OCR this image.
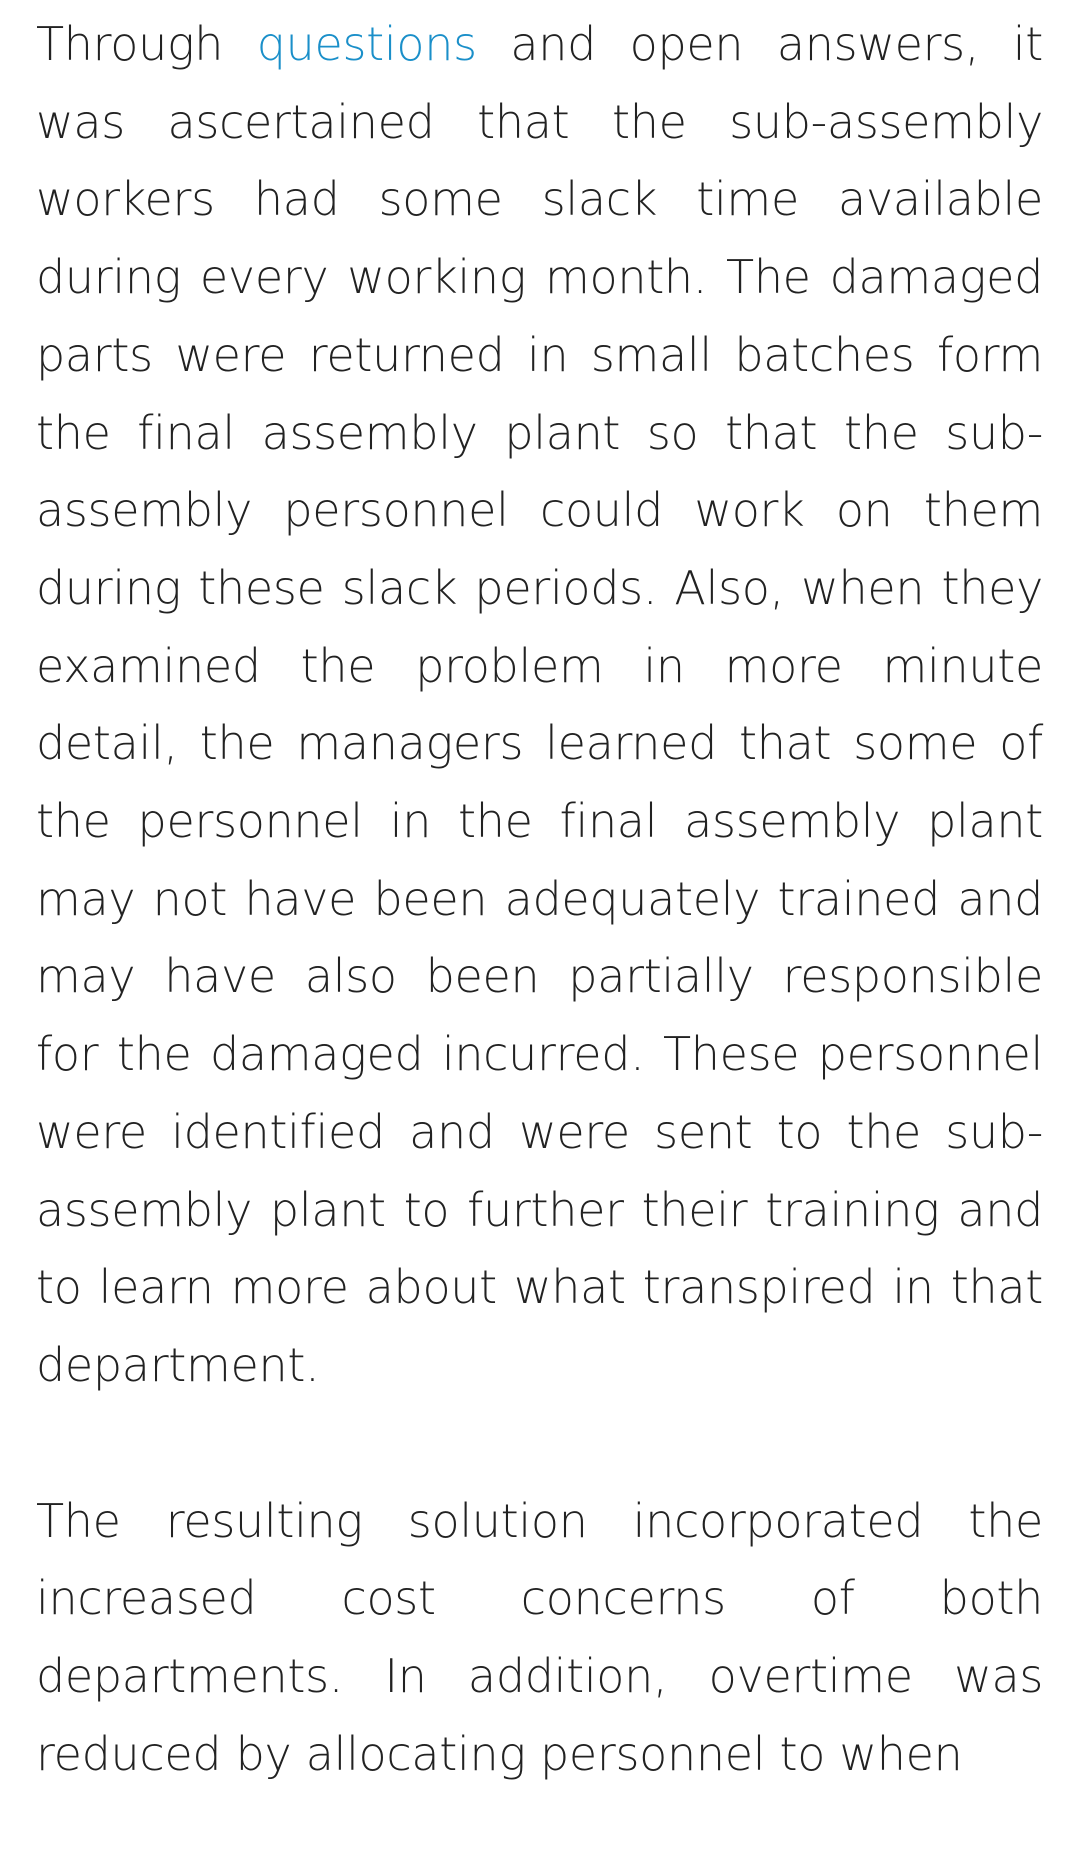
Through questions and open answers, it was ascertained that the sub-assembly workers had some slack time available during every working month. The damaged parts were returned in small batches form the final assembly plant so that the sub-assembly personnel could work on them during these slack periods. Also, when they examined the problem in more minute detail, the managers learned that some of the personnel in the final assembly plant may not have been adequately trained and may have also been partially responsible for the damaged incurred. These personnel were identified and were sent to the sub-assembly plant to further their training and to learn more about what transpired in that department.

The resulting solution incorporated the increased cost concerns of both departments. In addition, overtime was reduced by allocating personnel to when
